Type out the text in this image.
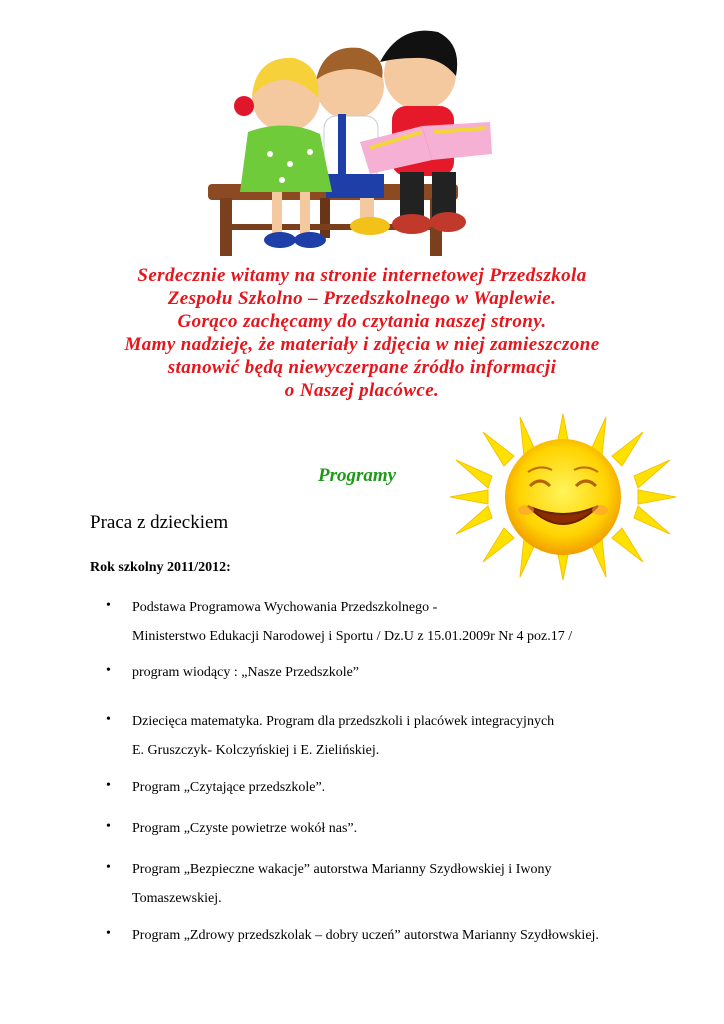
Serdecznie witamy na stronie internetowej Przedszkola
Zespołu Szkolno – Przedszkolnego w Waplewie.
Gorąco zachęcamy do czytania naszej strony.
Mamy nadzieję, że materiały i zdjęcia w niej zamieszczone
stanowić będą niewyczerpane źródło informacji
o Naszej placówce.
Programy
Praca z dzieckiem
Rok szkolny 2011/2012:
• Podstawa Programowa Wychowania Przedszkolnego -
Ministerstwo Edukacji Narodowej i Sportu / Dz.U z 15.01.2009r Nr 4 poz.17 /
• program wiodący : „Nasze Przedszkole”
• Dziecięca matematyka. Program dla przedszkoli i placówek integracyjnych
E. Gruszczyk- Kolczyńskiej i E. Zielińskiej.
• Program „Czytające przedszkole”.
• Program „Czyste powietrze wokół nas”.
• Program „Bezpieczne wakacje” autorstwa Marianny Szydłowskiej i Iwony
Tomaszewskiej.
• Program „Zdrowy przedszkolak – dobry uczeń” autorstwa Marianny Szydłowskiej.
